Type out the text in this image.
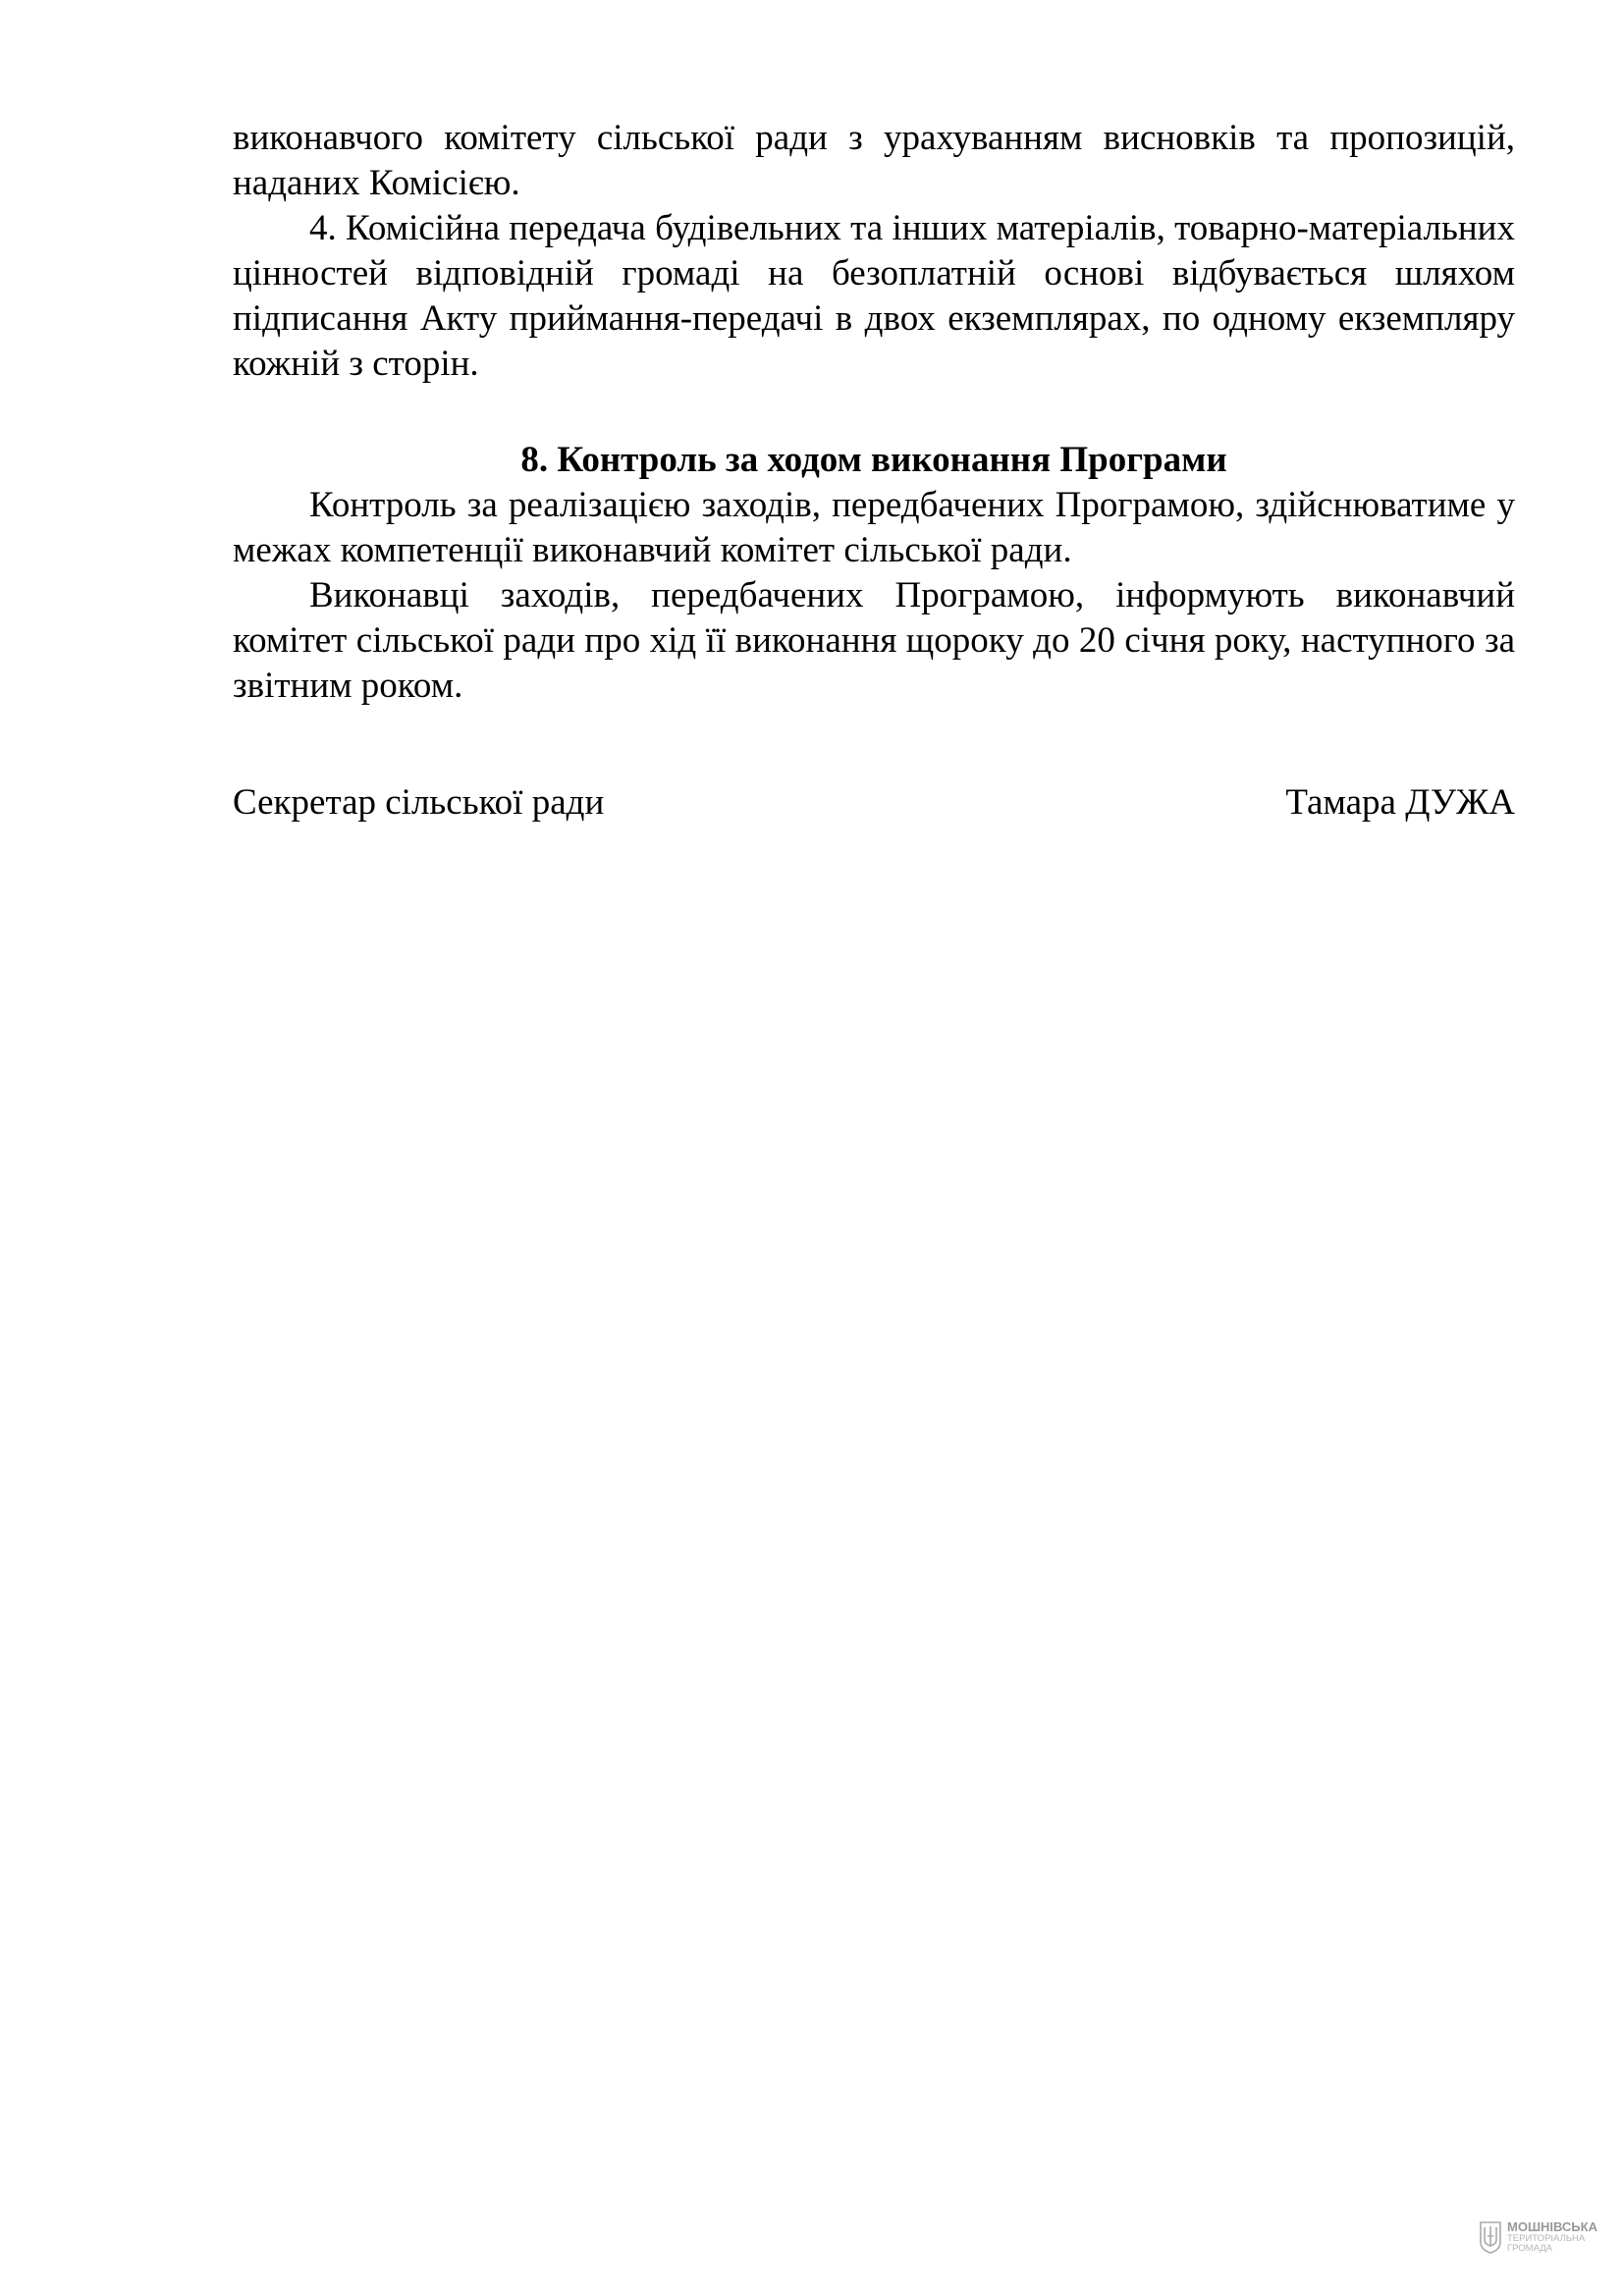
виконавчого комітету сільської ради з урахуванням висновків та пропозицій, наданих Комісією.

4. Комісійна передача будівельних та інших матеріалів, товарно-матеріальних цінностей відповідній громаді на безоплатній основі відбувається шляхом підписання Акту приймання-передачі в двох екземплярах, по одному екземпляру кожній з сторін.

8. Контроль за ходом виконання Програми

Контроль за реалізацією заходів, передбачених Програмою, здійснюватиме у межах компетенції виконавчий комітет сільської ради.

Виконавці заходів, передбачених Програмою, інформують виконавчий комітет сільської ради про хід її виконання щороку до 20 січня року, наступного за звітним роком.

Секретар сільської ради	Тамара ДУЖА
МОШНІВСЬКА
ТЕРИТОРІАЛЬНА
ГРОМАДА
